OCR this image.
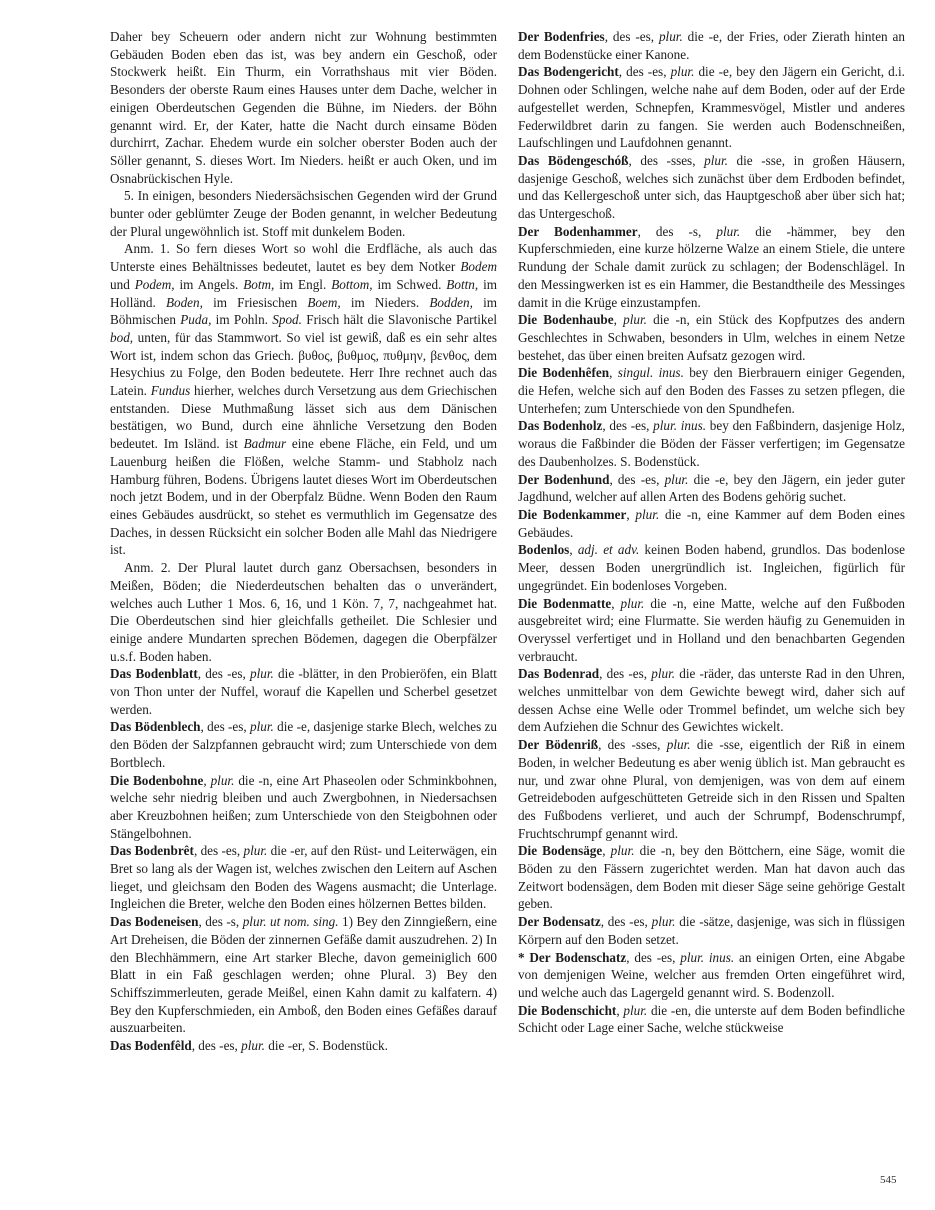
Daher bey Scheuern oder andern nicht zur Wohnung bestimmten Gebäuden Boden eben das ist, was bey andern ein Geschoß, oder Stockwerk heißt. Ein Thurm, ein Vorrathshaus mit vier Böden. Besonders der oberste Raum eines Hauses unter dem Dache, welcher in einigen Oberdeutschen Gegenden die Bühne, im Nieders. der Böhn genannt wird. Er, der Kater, hatte die Nacht durch einsame Böden durchirrt, Zachar. Ehedem wurde ein solcher oberster Boden auch der Söller genannt, S. dieses Wort. Im Nieders. heißt er auch Oken, und im Osnabrückischen Hyle.

5. In einigen, besonders Niedersächsischen Gegenden wird der Grund bunter oder geblümter Zeuge der Boden genannt, in welcher Bedeutung der Plural ungewöhnlich ist. Stoff mit dunkelem Boden.

Anm. 1. So fern dieses Wort so wohl die Erdfläche, als auch das Unterste eines Behältnisses bedeutet, lautet es bey dem Notker Bodem und Podem, im Angels. Botm, im Engl. Bottom, im Schwed. Bottn, im Holländ. Boden, im Friesischen Boem, im Nieders. Bodden, im Böhmischen Puda, im Pohln. Spod. Frisch hält die Slavonische Partikel bod, unten, für das Stammwort. So viel ist gewiß, daß es ein sehr altes Wort ist, indem schon das Griech. βυθος, βυθμος, πυθμην, βενθος, dem Hesychius zu Folge, den Boden bedeutete. Herr Ihre rechnet auch das Latein. Fundus hierher, welches durch Versetzung aus dem Griechischen entstanden. Diese Muthmaßung lässet sich aus dem Dänischen bestätigen, wo Bund, durch eine ähnliche Versetzung den Boden bedeutet. Im Isländ. ist Badmur eine ebene Fläche, ein Feld, und um Lauenburg heißen die Flößen, welche Stamm- und Stabholz nach Hamburg führen, Bodens. Übrigens lautet dieses Wort im Oberdeutschen noch jetzt Bodem, und in der Oberpfalz Büdne. Wenn Boden den Raum eines Gebäudes ausdrückt, so stehet es vermuthlich im Gegensatze des Daches, in dessen Rücksicht ein solcher Boden alle Mahl das Niedrigere ist.

Anm. 2. Der Plural lautet durch ganz Obersachsen, besonders in Meißen, Böden; die Niederdeutschen behalten das o unverändert, welches auch Luther 1 Mos. 6, 16, und 1 Kön. 7, 7, nachgeahmet hat. Die Oberdeutschen sind hier gleichfalls getheilet. Die Schlesier und einige andere Mundarten sprechen Bödemen, dagegen die Oberpfälzer u.s.f. Boden haben.

Das Bodenblatt, des -es, plur. die -blätter, in den Probieröfen, ein Blatt von Thon unter der Nuffel, worauf die Kapellen und Scherbel gesetzet werden.

Das Bödenblech, des -es, plur. die -e, dasjenige starke Blech, welches zu den Böden der Salzpfannen gebraucht wird; zum Unterschiede von dem Bortblech.

Die Bodenbohne, plur. die -n, eine Art Phaseolen oder Schminkbohnen, welche sehr niedrig bleiben und auch Zwergbohnen, in Niedersachsen aber Kreuzbohnen heißen; zum Unterschiede von den Steigbohnen oder Stängelbohnen.

Das Bodenbrêt, des -es, plur. die -er, auf den Rüst- und Leiterwägen, ein Bret so lang als der Wagen ist, welches zwischen den Leitern auf Aschen lieget, und gleichsam den Boden des Wagens ausmacht; die Unterlage. Ingleichen die Breter, welche den Boden eines hölzernen Bettes bilden.

Das Bodeneisen, des -s, plur. ut nom. sing. 1) Bey den Zinngießern, eine Art Dreheisen, die Böden der zinnernen Gefäße damit auszudrehen. 2) In den Blechhämmern, eine Art starker Bleche, davon gemeiniglich 600 Blatt in ein Faß geschlagen werden; ohne Plural. 3) Bey den Schiffszimmerleuten, gerade Meißel, einen Kahn damit zu kalfatern. 4) Bey den Kupferschmieden, ein Amboß, den Boden eines Gefäßes darauf auszuarbeiten.

Das Bodenfêld, des -es, plur. die -er, S. Bodenstück.

Der Bodenfries, des -es, plur. die -e, der Fries, oder Zierath hinten an dem Bodenstücke einer Kanone.

Das Bodengericht, des -es, plur. die -e, bey den Jägern ein Gericht, d.i. Dohnen oder Schlingen, welche nahe auf dem Boden, oder auf der Erde aufgestellet werden, Schnepfen, Krammesvögel, Mistler und anderes Federwildbret darin zu fangen. Sie werden auch Bodenschneißen, Laufschlingen und Laufdohnen genannt.

Das Bödengeschóß, des -sses, plur. die -sse, in großen Häusern, dasjenige Geschoß, welches sich zunächst über dem Erdboden befindet, und das Kellergeschoß unter sich, das Hauptgeschoß aber über sich hat; das Untergeschoß.

Der Bodenhammer, des -s, plur. die -hämmer, bey den Kupferschmieden, eine kurze hölzerne Walze an einem Stiele, die untere Rundung der Schale damit zurück zu schlagen; der Bodenschlägel. In den Messingwerken ist es ein Hammer, die Bestandtheile des Messinges damit in die Krüge einzustampfen.

Die Bodenhaube, plur. die -n, ein Stück des Kopfputzes des andern Geschlechtes in Schwaben, besonders in Ulm, welches in einem Netze bestehet, das über einen breiten Aufsatz gezogen wird.

Die Bodenhêfen, singul. inus. bey den Bierbrauern einiger Gegenden, die Hefen, welche sich auf den Boden des Fasses zu setzen pflegen, die Unterhefen; zum Unterschiede von den Spundhefen.

Das Bodenholz, des -es, plur. inus. bey den Faßbindern, dasjenige Holz, woraus die Faßbinder die Böden der Fässer verfertigen; im Gegensatze des Daubenholzes. S. Bodenstück.

Der Bodenhund, des -es, plur. die -e, bey den Jägern, ein jeder guter Jagdhund, welcher auf allen Arten des Bodens gehörig suchet.

Die Bodenkammer, plur. die -n, eine Kammer auf dem Boden eines Gebäudes.

Bodenlos, adj. et adv. keinen Boden habend, grundlos. Das bodenlose Meer, dessen Boden unergründlich ist. Ingleichen, figürlich für ungegründet. Ein bodenloses Vorgeben.

Die Bodenmatte, plur. die -n, eine Matte, welche auf den Fußboden ausgebreitet wird; eine Flurmatte. Sie werden häufig zu Genemuiden in Overyssel verfertiget und in Holland und den benachbarten Gegenden verbraucht.

Das Bodenrad, des -es, plur. die -räder, das unterste Rad in den Uhren, welches unmittelbar von dem Gewichte bewegt wird, daher sich auf dessen Achse eine Welle oder Trommel befindet, um welche sich bey dem Aufziehen die Schnur des Gewichtes wickelt.

Der Bödenriß, des -sses, plur. die -sse, eigentlich der Riß in einem Boden, in welcher Bedeutung es aber wenig üblich ist. Man gebraucht es nur, und zwar ohne Plural, von demjenigen, was von dem auf einem Getreideboden aufgeschütteten Getreide sich in den Rissen und Spalten des Fußbodens verlieret, und auch der Schrumpf, Bodenschrumpf, Fruchtschrumpf genannt wird.

Die Bodensäge, plur. die -n, bey den Böttchern, eine Säge, womit die Böden zu den Fässern zugerichtet werden. Man hat davon auch das Zeitwort bodensägen, dem Boden mit dieser Säge seine gehörige Gestalt geben.

Der Bodensatz, des -es, plur. die -sätze, dasjenige, was sich in flüssigen Körpern auf den Boden setzet.

* Der Bodenschatz, des -es, plur. inus. an einigen Orten, eine Abgabe von demjenigen Weine, welcher aus fremden Orten eingeführet wird, und welche auch das Lagergeld genannt wird. S. Bodenzoll.

Die Bodenschicht, plur. die -en, die unterste auf dem Boden befindliche Schicht oder Lage einer Sache, welche stückweise

545
